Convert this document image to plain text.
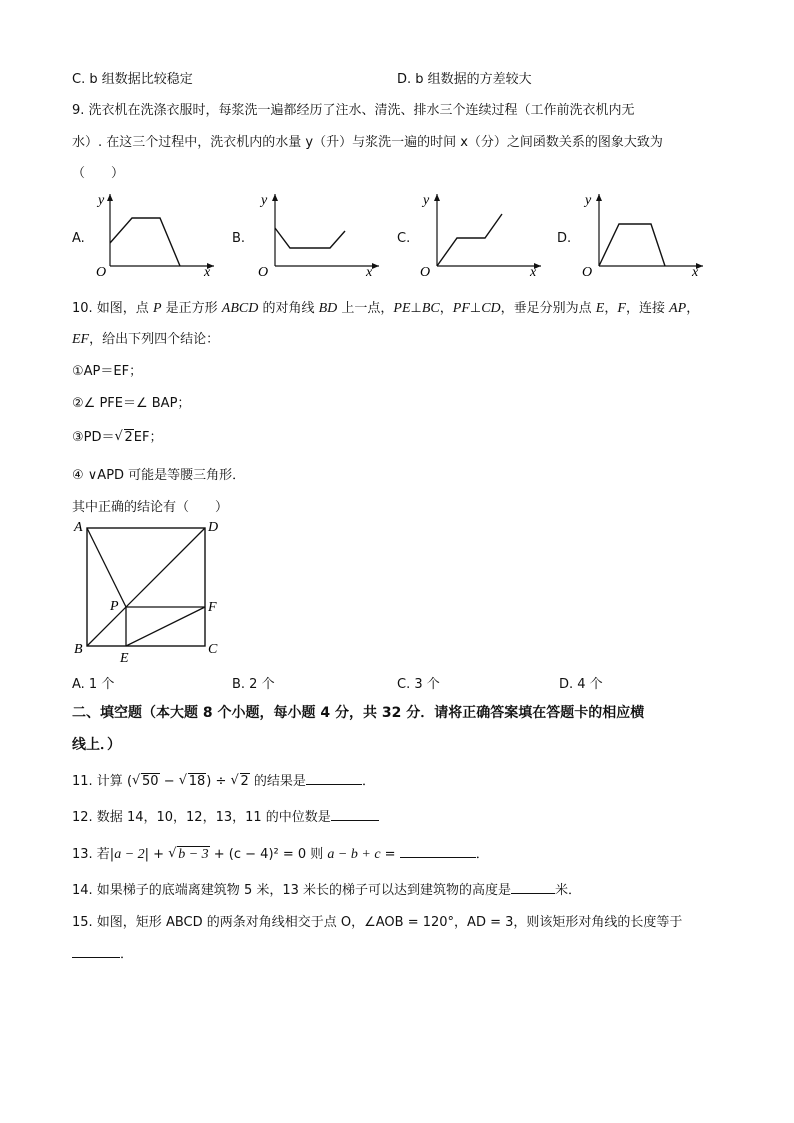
C. b 组数据比较稳定	D. b 组数据的方差较大
9. 洗衣机在洗涤衣服时，每浆洗一遍都经历了注水、清洗、排水三个连续过程（工作前洗衣机内无
水）. 在这三个过程中，洗衣机内的水量 y（升）与浆洗一遍的时间 x（分）之间函数关系的图象大致为
（　　）
A.
y
O	x
B.
y
O	x
C.
y
O	x
D.
y
O	x
10. 如图，点 P 是正方形 ABCD 的对角线 BD 上一点，PE⊥BC，PF⊥CD，垂足分别为点 E，F，连接 AP，
EF，给出下列四个结论：
①AP＝EF；
②∠ PFE＝∠ BAP；
③PD＝ √ 2EF；
④ ∨APD 可能是等腰三角形．
其中正确的结论有（　　）
A	D
P	F
B
E
C
A. 1 个	B. 2 个	C. 3 个	D. 4 个
二、填空题（本大题 8 个小题，每小题 4 分，共 32 分．请将正确答案填在答题卡的相应横
线上．）
11. 计算 ( √ 50 − √ 18) ÷ √ 2 的结果是	．
12. 数据 14，10，12，13，11 的中位数是
13. 若|a − 2| + √ b − 3 + (c − 4)² = 0 则 a − b + c =	．
14. 如果梯子的底端离建筑物 5 米，13 米长的梯子可以达到建筑物的高度是	米．
15. 如图，矩形 ABCD 的两条对角线相交于点 O，∠AOB = 120°，AD = 3，则该矩形对角线的长度等于
．
